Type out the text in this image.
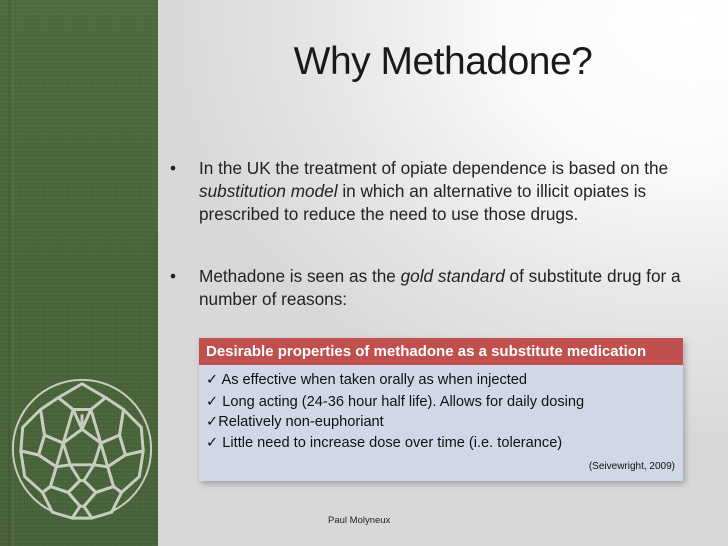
Why Methadone?
• In the UK the treatment of opiate dependence is based on the substitution model in which an alternative to illicit opiates is prescribed to reduce the need to use those drugs.
• Methadone is seen as the gold standard of substitute drug for a number of reasons:
Desirable properties of methadone as a substitute medication
✓ As effective when taken orally as when injected
✓ Long acting (24-36 hour half life). Allows for daily dosing
✓Relatively non-euphoriant
✓ Little need to increase dose over time (i.e. tolerance)
(Seivewright, 2009)
Paul Molyneux
